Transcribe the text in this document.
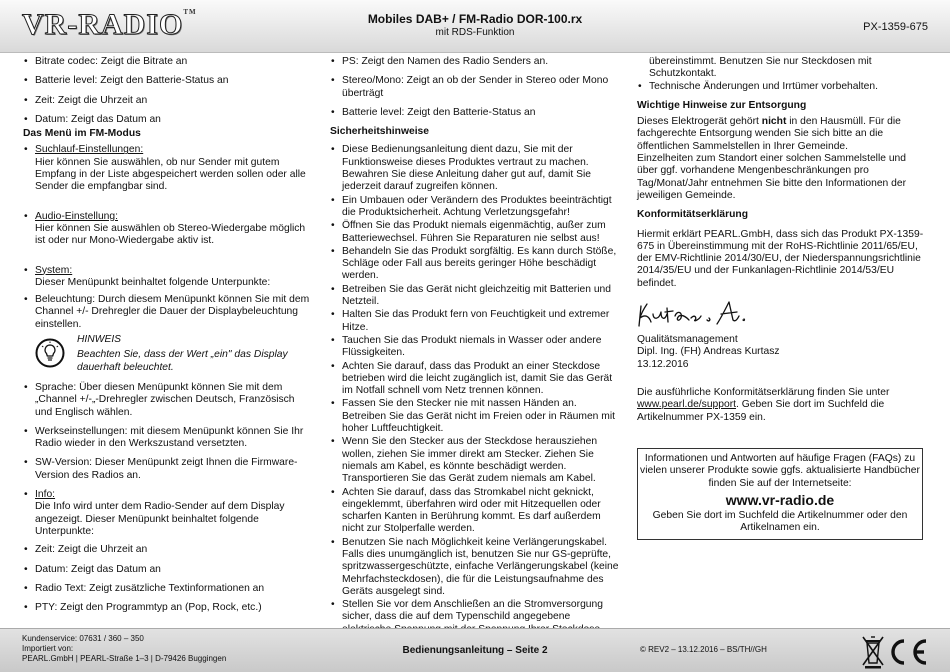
VR-RADIO™	Mobiles DAB+ / FM-Radio DOR-100.rx
mit RDS-Funktion	PX-1359-675
• Bitrate codec: Zeigt die Bitrate an
• Batterie level: Zeigt den Batterie-Status an
• Zeit: Zeigt die Uhrzeit an
• Datum: Zeigt das Datum an
Das Menü im FM-Modus
• Suchlauf-Einstellungen:
Hier können Sie auswählen, ob nur Sender mit gutem Empfang in der Liste abgespeichert werden sollen oder alle Sender die empfangbar sind.
• Audio-Einstellung:
Hier können Sie auswählen ob Stereo-Wiedergabe möglich ist oder nur Mono-Wiedergabe aktiv ist.
• System:
Dieser Menüpunkt beinhaltet folgende Unterpunkte:
• Beleuchtung: Durch diesem Menüpunkt können Sie mit dem Channel +/- Drehregler die Dauer der Displaybeleuchtung einstellen.
HINWEIS
Beachten Sie, dass der Wert „ein" das Display dauerhaft beleuchtet.
• Sprache: Über diesen Menüpunkt können Sie mit dem „Channel +/-„-Drehregler zwischen Deutsch, Französisch und Englisch wählen.
• Werkseinstellungen: mit diesem Menüpunkt können Sie Ihr Radio wieder in den Werkszustand versetzten.
• SW-Version: Dieser Menüpunkt zeigt Ihnen die Firmware-Version des Radios an.
• Info:
Die Info wird unter dem Radio-Sender auf dem Display angezeigt. Dieser Menüpunkt beinhaltet folgende Unterpunkte:
• Zeit: Zeigt die Uhrzeit an
• Datum: Zeigt das Datum an
• Radio Text: Zeigt zusätzliche Textinformationen an
• PTY: Zeigt den Programmtyp an (Pop, Rock, etc.)
• PS: Zeigt den Namen des Radio Senders an.
• Stereo/Mono: Zeigt an ob der Sender in Stereo oder Mono überträgt
• Batterie level: Zeigt den Batterie-Status an
Sicherheitshinweise
• Diese Bedienungsanleitung dient dazu, Sie mit der Funktionsweise dieses Produktes vertraut zu machen. Bewahren Sie diese Anleitung daher gut auf, damit Sie jederzeit darauf zugreifen können.
• Ein Umbauen oder Verändern des Produktes beeinträchtigt die Produktsicherheit. Achtung Verletzungsgefahr!
• Öffnen Sie das Produkt niemals eigenmächtig, außer zum Batteriewechsel. Führen Sie Reparaturen nie selbst aus!
• Behandeln Sie das Produkt sorgfältig. Es kann durch Stöße, Schläge oder Fall aus bereits geringer Höhe beschädigt werden.
• Betreiben Sie das Gerät nicht gleichzeitig mit Batterien und Netzteil.
• Halten Sie das Produkt fern von Feuchtigkeit und extremer Hitze.
• Tauchen Sie das Produkt niemals in Wasser oder andere Flüssigkeiten.
• Achten Sie darauf, dass das Produkt an einer Steckdose betrieben wird die leicht zugänglich ist, damit Sie das Gerät im Notfall schnell vom Netz trennen können.
• Fassen Sie den Stecker nie mit nassen Händen an. Betreiben Sie das Gerät nicht im Freien oder in Räumen mit hoher Luftfeuchtigkeit.
• Wenn Sie den Stecker aus der Steckdose herausziehen wollen, ziehen Sie immer direkt am Stecker. Ziehen Sie niemals am Kabel, es könnte beschädigt werden. Transportieren Sie das Gerät zudem niemals am Kabel.
• Achten Sie darauf, dass das Stromkabel nicht geknickt, eingeklemmt, überfahren wird oder mit Hitzequellen oder scharfen Kanten in Berührung kommt. Es darf außerdem nicht zur Stolperfalle werden.
• Benutzen Sie nach Möglichkeit keine Verlängerungskabel. Falls dies unumgänglich ist, benutzen Sie nur GS-geprüfte, spritzwassergeschützte, einfache Verlängerungskabel (keine Mehrfachsteckdosen), die für die Leistungsaufnahme des Geräts ausgelegt sind.
• Stellen Sie vor dem Anschließen an die Stromversorgung sicher, dass die auf dem Typenschild angegebene
übereinstimmt. Benutzen Sie nur Steckdosen mit Schutzkontakt.
• Technische Änderungen und Irrtümer vorbehalten.
Wichtige Hinweise zur Entsorgung

Dieses Elektrogerät gehört nicht in den Hausmüll. Für die fachgerechte Entsorgung wenden Sie sich bitte an die öffentlichen Sammelstellen in Ihrer Gemeinde.

Einzelheiten zum Standort einer solchen Sammelstelle und über ggf. vorhandene Mengenbeschränkungen pro Tag/Monat/Jahr entnehmen Sie bitte den Informationen der jeweiligen Gemeinde.

Konformitätserklärung

Hiermit erklärt PEARL.GmbH, dass sich das Produkt PX-1359-675 in Übereinstimmung mit der RoHS-Richtlinie 2011/65/EU, der EMV-Richtlinie 2014/30/EU, der Niederspannungsrichtlinie 2014/35/EU und der Funkanlagen-Richtlinie 2014/53/EU befindet.

Qualitätsmanagement
Dipl. Ing. (FH) Andreas Kurtasz
13.12.2016

Die ausführliche Konformitätserklärung finden Sie unter www.pearl.de/support. Geben Sie dort im Suchfeld die Artikelnummer PX-1359 ein.

Informationen und Antworten auf häufige Fragen (FAQs) zu vielen unserer Produkte sowie ggfs. aktualisierte Handbücher finden Sie auf der Internetseite:
www.vr-radio.de
Geben Sie dort im Suchfeld die Artikelnummer oder den Artikelnamen ein.
Kundenservice: 07631 / 360 – 350
Importiert von:
PEARL.GmbH | PEARL-Straße 1–3 | D-79426 Buggingen
Bedienungsanleitung – Seite 2	© REV2 – 13.12.2016 – BS/TH//GH
